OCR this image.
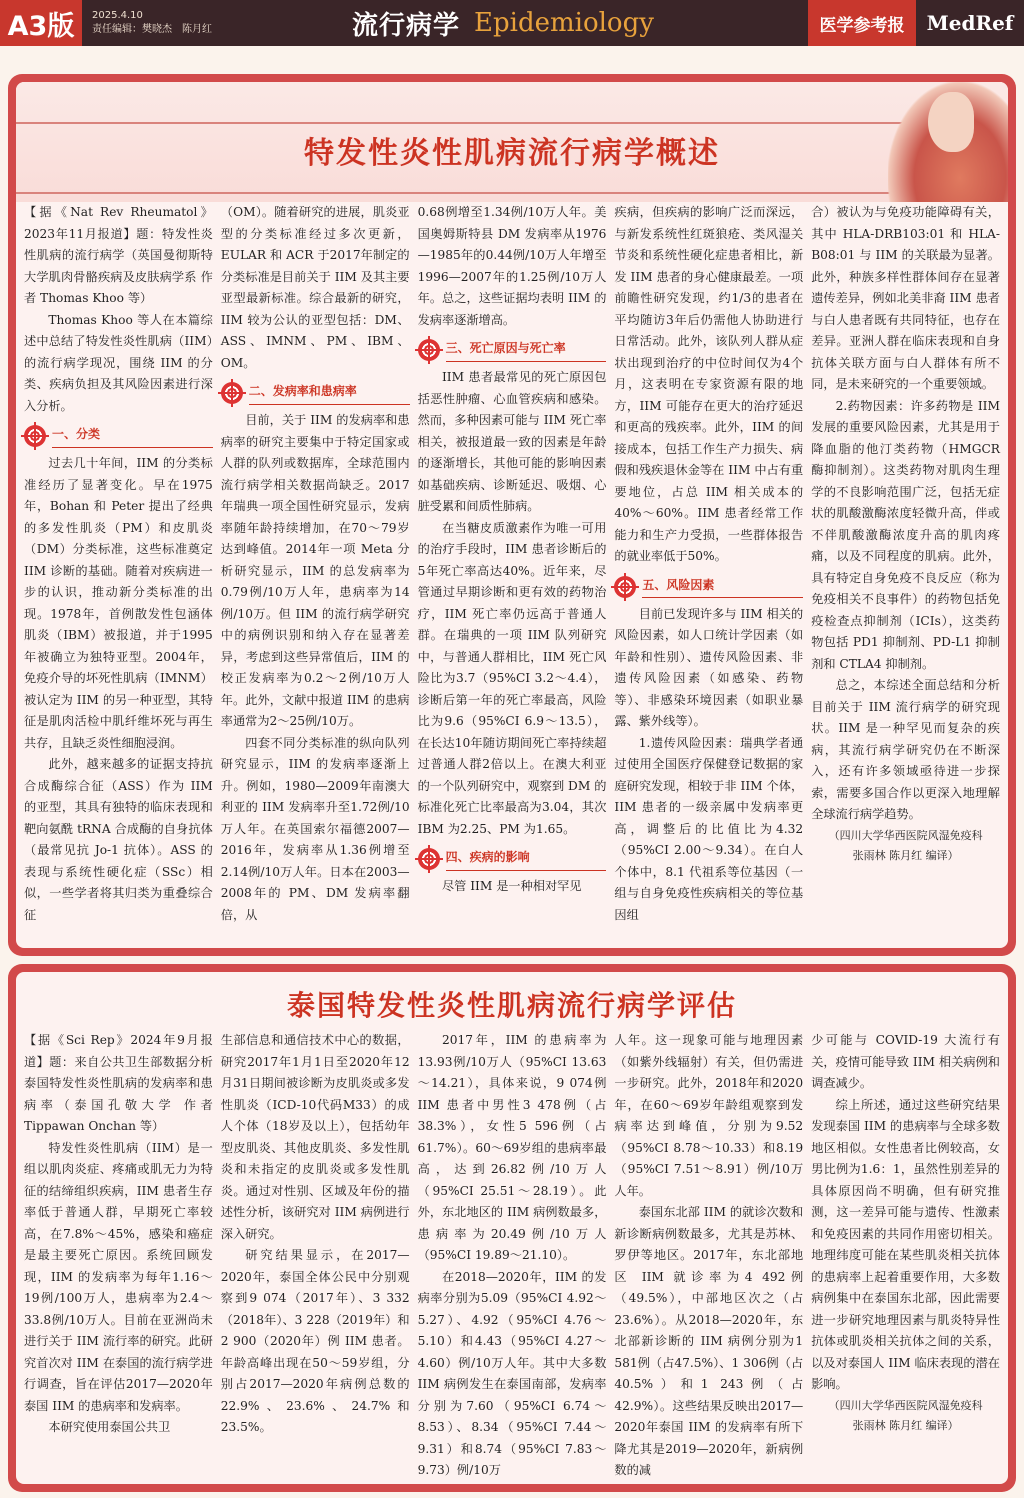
A3版	2025.4.10
责任编辑：樊晓杰　陈月红	流行病学 Epidemiology	医学参考报	MedRef
特发性炎性肌病流行病学概述

【据《Nat Rev Rheumatol》2023年11月报道】题：特发性炎性肌病的流行病学（英国曼彻斯特大学肌肉骨骼疾病及皮肤病学系 作者 Thomas Khoo 等）

Thomas Khoo 等人在本篇综述中总结了特发性炎性肌病（IIM）的流行病学现况，围绕 IIM 的分类、疾病负担及其风险因素进行深入分析。

一、分类

过去几十年间，IIM 的分类标准经历了显著变化。早在1975年，Bohan 和 Peter 提出了经典的多发性肌炎（PM）和皮肌炎（DM）分类标准，这些标准奠定 IIM 诊断的基础。随着对疾病进一步的认识，推动新分类标准的出现。1978年，首例散发性包涵体肌炎（IBM）被报道，并于1995年被确立为独特亚型。2004年，免疫介导的坏死性肌病（IMNM）被认定为 IIM 的另一种亚型，其特征是肌肉活检中肌纤维坏死与再生共存，且缺乏炎性细胞浸润。

此外，越来越多的证据支持抗合成酶综合征（ASS）作为 IIM 的亚型，其具有独特的临床表现和靶向氨酰 tRNA 合成酶的自身抗体（最常见抗 Jo-1 抗体）。ASS 的表现与系统性硬化症（SSc）相似，一些学者将其归类为重叠综合征

（OM）。随着研究的进展，肌炎亚型的分类标准经过多次更新，EULAR 和 ACR 于2017年制定的分类标准是目前关于 IIM 及其主要亚型最新标准。综合最新的研究，IIM 较为公认的亚型包括：DM、ASS、IMNM、PM、IBM、OM。

二、发病率和患病率

目前，关于 IIM 的发病率和患病率的研究主要集中于特定国家或人群的队列或数据库，全球范围内流行病学相关数据尚缺乏。2017年瑞典一项全国性研究显示，发病率随年龄持续增加，在70～79岁达到峰值。2014年一项 Meta 分析研究显示，IIM 的总发病率为0.79例/10万人年，患病率为14例/10万。但 IIM 的流行病学研究中的病例识别和纳入存在显著差异，考虑到这些异常值后，IIM 的校正发病率为0.2～2例/10万人年。此外，文献中报道 IIM 的患病率通常为2～25例/10万。

四套不同分类标准的纵向队列研究显示，IIM 的发病率逐渐上升。例如，1980—2009年南澳大利亚的 IIM 发病率升至1.72例/10万人年。在英国索尔福德2007—2016年，发病率从1.36例增至2.14例/10万人年。日本在2003—2008年的 PM、DM 发病率翻倍，从

0.68例增至1.34例/10万人年。美国奥姆斯特县 DM 发病率从1976—1985年的0.44例/10万人年增至1996—2007年的1.25例/10万人年。总之，这些证据均表明 IIM 的发病率逐渐增高。

三、死亡原因与死亡率

IIM 患者最常见的死亡原因包括恶性肿瘤、心血管疾病和感染。然而，多种因素可能与 IIM 死亡率相关，被报道最一致的因素是年龄的逐渐增长，其他可能的影响因素如基础疾病、诊断延迟、吸烟、心脏受累和间质性肺病。

在当糖皮质激素作为唯一可用的治疗手段时，IIM 患者诊断后的5年死亡率高达40%。近年来，尽管通过早期诊断和更有效的药物治疗，IIM 死亡率仍远高于普通人群。在瑞典的一项 IIM 队列研究中，与普通人群相比，IIM 死亡风险比为3.7（95%CI 3.2～4.4），诊断后第一年的死亡率最高，风险比为9.6（95%CI 6.9～13.5），在长达10年随访期间死亡率持续超过普通人群2倍以上。在澳大利亚的一个队列研究中，观察到 DM 的标准化死亡比率最高为3.04，其次 IBM 为2.25、PM 为1.65。

四、疾病的影响

尽管 IIM 是一种相对罕见

疾病，但疾病的影响广泛而深远，与新发系统性红斑狼疮、类风湿关节炎和系统性硬化症患者相比，新发 IIM 患者的身心健康最差。一项前瞻性研究发现，约1/3的患者在平均随访3年后仍需他人协助进行日常活动。此外，该队列人群从症状出现到治疗的中位时间仅为4个月，这表明在专家资源有限的地方，IIM 可能存在更大的治疗延迟和更高的残疾率。此外，IIM 的间接成本，包括工作生产力损失、病假和残疾退休金等在 IIM 中占有重要地位，占总 IIM 相关成本的40%～60%。IIM 患者经常工作能力和生产力受损，一些群体报告的就业率低于50%。

五、风险因素

目前已发现许多与 IIM 相关的风险因素，如人口统计学因素（如年龄和性别）、遗传风险因素、非遗传风险因素（如感染、药物等）、非感染环境因素（如职业暴露、紫外线等）。

1.遗传风险因素：瑞典学者通过使用全国医疗保健登记数据的家庭研究发现，相较于非 IIM 个体，IIM 患者的一级亲属中发病率更高，调整后的比值比为4.32（95%CI 2.00～9.34）。在白人个体中，8.1 代祖系等位基因（一组与自身免疫性疾病相关的等位基因组

合）被认为与免疫功能障碍有关，其中 HLA-DRB103:01 和 HLA-B08:01 与 IIM 的关联最为显著。此外，种族多样性群体间存在显著遗传差异，例如北美非裔 IIM 患者与白人患者既有共同特征，也存在差异。亚洲人群在临床表现和自身抗体关联方面与白人群体有所不同，是未来研究的一个重要领域。

2.药物因素：许多药物是 IIM 发展的重要风险因素，尤其是用于降血脂的他汀类药物（HMGCR 酶抑制剂）。这类药物对肌肉生理学的不良影响范围广泛，包括无症状的肌酸激酶浓度轻微升高，伴或不伴肌酸激酶浓度升高的肌肉疼痛，以及不同程度的肌病。此外，具有特定自身免疫不良反应（称为免疫相关不良事件）的药物包括免疫检查点抑制剂（ICIs），这类药物包括 PD1 抑制剂、PD-L1 抑制剂和 CTLA4 抑制剂。

总之，本综述全面总结和分析目前关于 IIM 流行病学的研究现状。IIM 是一种罕见而复杂的疾病，其流行病学研究仍在不断深入，还有许多领域亟待进一步探索，需要多国合作以更深入地理解全球流行病学趋势。

（四川大学华西医院风湿免疫科
张雨林 陈月红 编译）
泰国特发性炎性肌病流行病学评估

【据《Sci Rep》2024年9月报道】题：来自公共卫生部数据分析泰国特发性炎性肌病的发病率和患病率（泰国孔敬大学 作者 Tippawan Onchan 等）

特发性炎性肌病（IIM）是一组以肌肉炎症、疼痛或肌无力为特征的结缔组织疾病，IIM 患者生存率低于普通人群，早期死亡率较高，在7.8%～45%，感染和癌症是最主要死亡原因。系统回顾发现，IIM 的发病率为每年1.16～19例/100万人，患病率为2.4～33.8例/10万人。目前在亚洲尚未进行关于 IIM 流行率的研究。此研究首次对 IIM 在泰国的流行病学进行调查，旨在评估2017—2020年泰国 IIM 的患病率和发病率。

本研究使用泰国公共卫

生部信息和通信技术中心的数据，研究2017年1月1日至2020年12月31日期间被诊断为皮肌炎或多发性肌炎（ICD-10代码M33）的成人个体（18岁及以上），包括幼年型皮肌炎、其他皮肌炎、多发性肌炎和未指定的皮肌炎或多发性肌炎。通过对性别、区域及年份的描述性分析，该研究对 IIM 病例进行深入研究。

研究结果显示，在2017—2020年，泰国全体公民中分别观察到9 074（2017年）、3 332（2018年）、3 228（2019年）和2 900（2020年）例 IIM 患者。年龄高峰出现在50～59岁组，分别占2017—2020年病例总数的22.9%、23.6%、24.7%和23.5%。

2017年，IIM 的患病率为13.93例/10万人（95%CI 13.63～14.21），具体来说，9 074例 IIM 患者中男性3 478例（占38.3%），女性5 596例（占61.7%）。60～69岁组的患病率最高，达到26.82例/10万人（95%CI 25.51～28.19）。此外，东北地区的 IIM 病例数最多，患病率为20.49例/10万人（95%CI 19.89～21.10）。

在2018—2020年，IIM 的发病率分别为5.09（95%CI 4.92～5.27）、4.92（95%CI 4.76～5.10）和4.43（95%CI 4.27～4.60）例/10万人年。其中大多数 IIM 病例发生在泰国南部，发病率分别为7.60（95%CI 6.74～8.53）、8.34（95%CI 7.44～9.31）和8.74（95%CI 7.83～9.73）例/10万

人年。这一现象可能与地理因素（如紫外线辐射）有关，但仍需进一步研究。此外，2018年和2020年，在60～69岁年龄组观察到发病率达到峰值，分别为9.52（95%CI 8.78～10.33）和8.19（95%CI 7.51～8.91）例/10万人年。

泰国东北部 IIM 的就诊次数和新诊断病例数最多，尤其是苏林、罗伊等地区。2017年，东北部地区 IIM 就诊率为4 492例（49.5%），中部地区次之（占23.6%）。从2018—2020年，东北部新诊断的 IIM 病例分别为1 581例（占47.5%）、1 306例（占40.5%）和1 243例（占42.9%）。这些结果反映出2017—2020年泰国 IIM 的发病率有所下降尤其是2019—2020年，新病例数的减

少可能与 COVID-19 大流行有关，疫情可能导致 IIM 相关病例和调查减少。

综上所述，通过这些研究结果发现泰国 IIM 的患病率与全球多数地区相似。女性患者比例较高，女男比例为1.6：1，虽然性别差异的具体原因尚不明确，但有研究推测，这一差异可能与遗传、性激素和免疫因素的共同作用密切相关。地理纬度可能在某些肌炎相关抗体的患病率上起着重要作用，大多数病例集中在泰国东北部，因此需要进一步研究地理因素与肌炎特异性抗体或肌炎相关抗体之间的关系，以及对泰国人 IIM 临床表现的潜在影响。

（四川大学华西医院风湿免疫科
张雨林 陈月红 编译）
